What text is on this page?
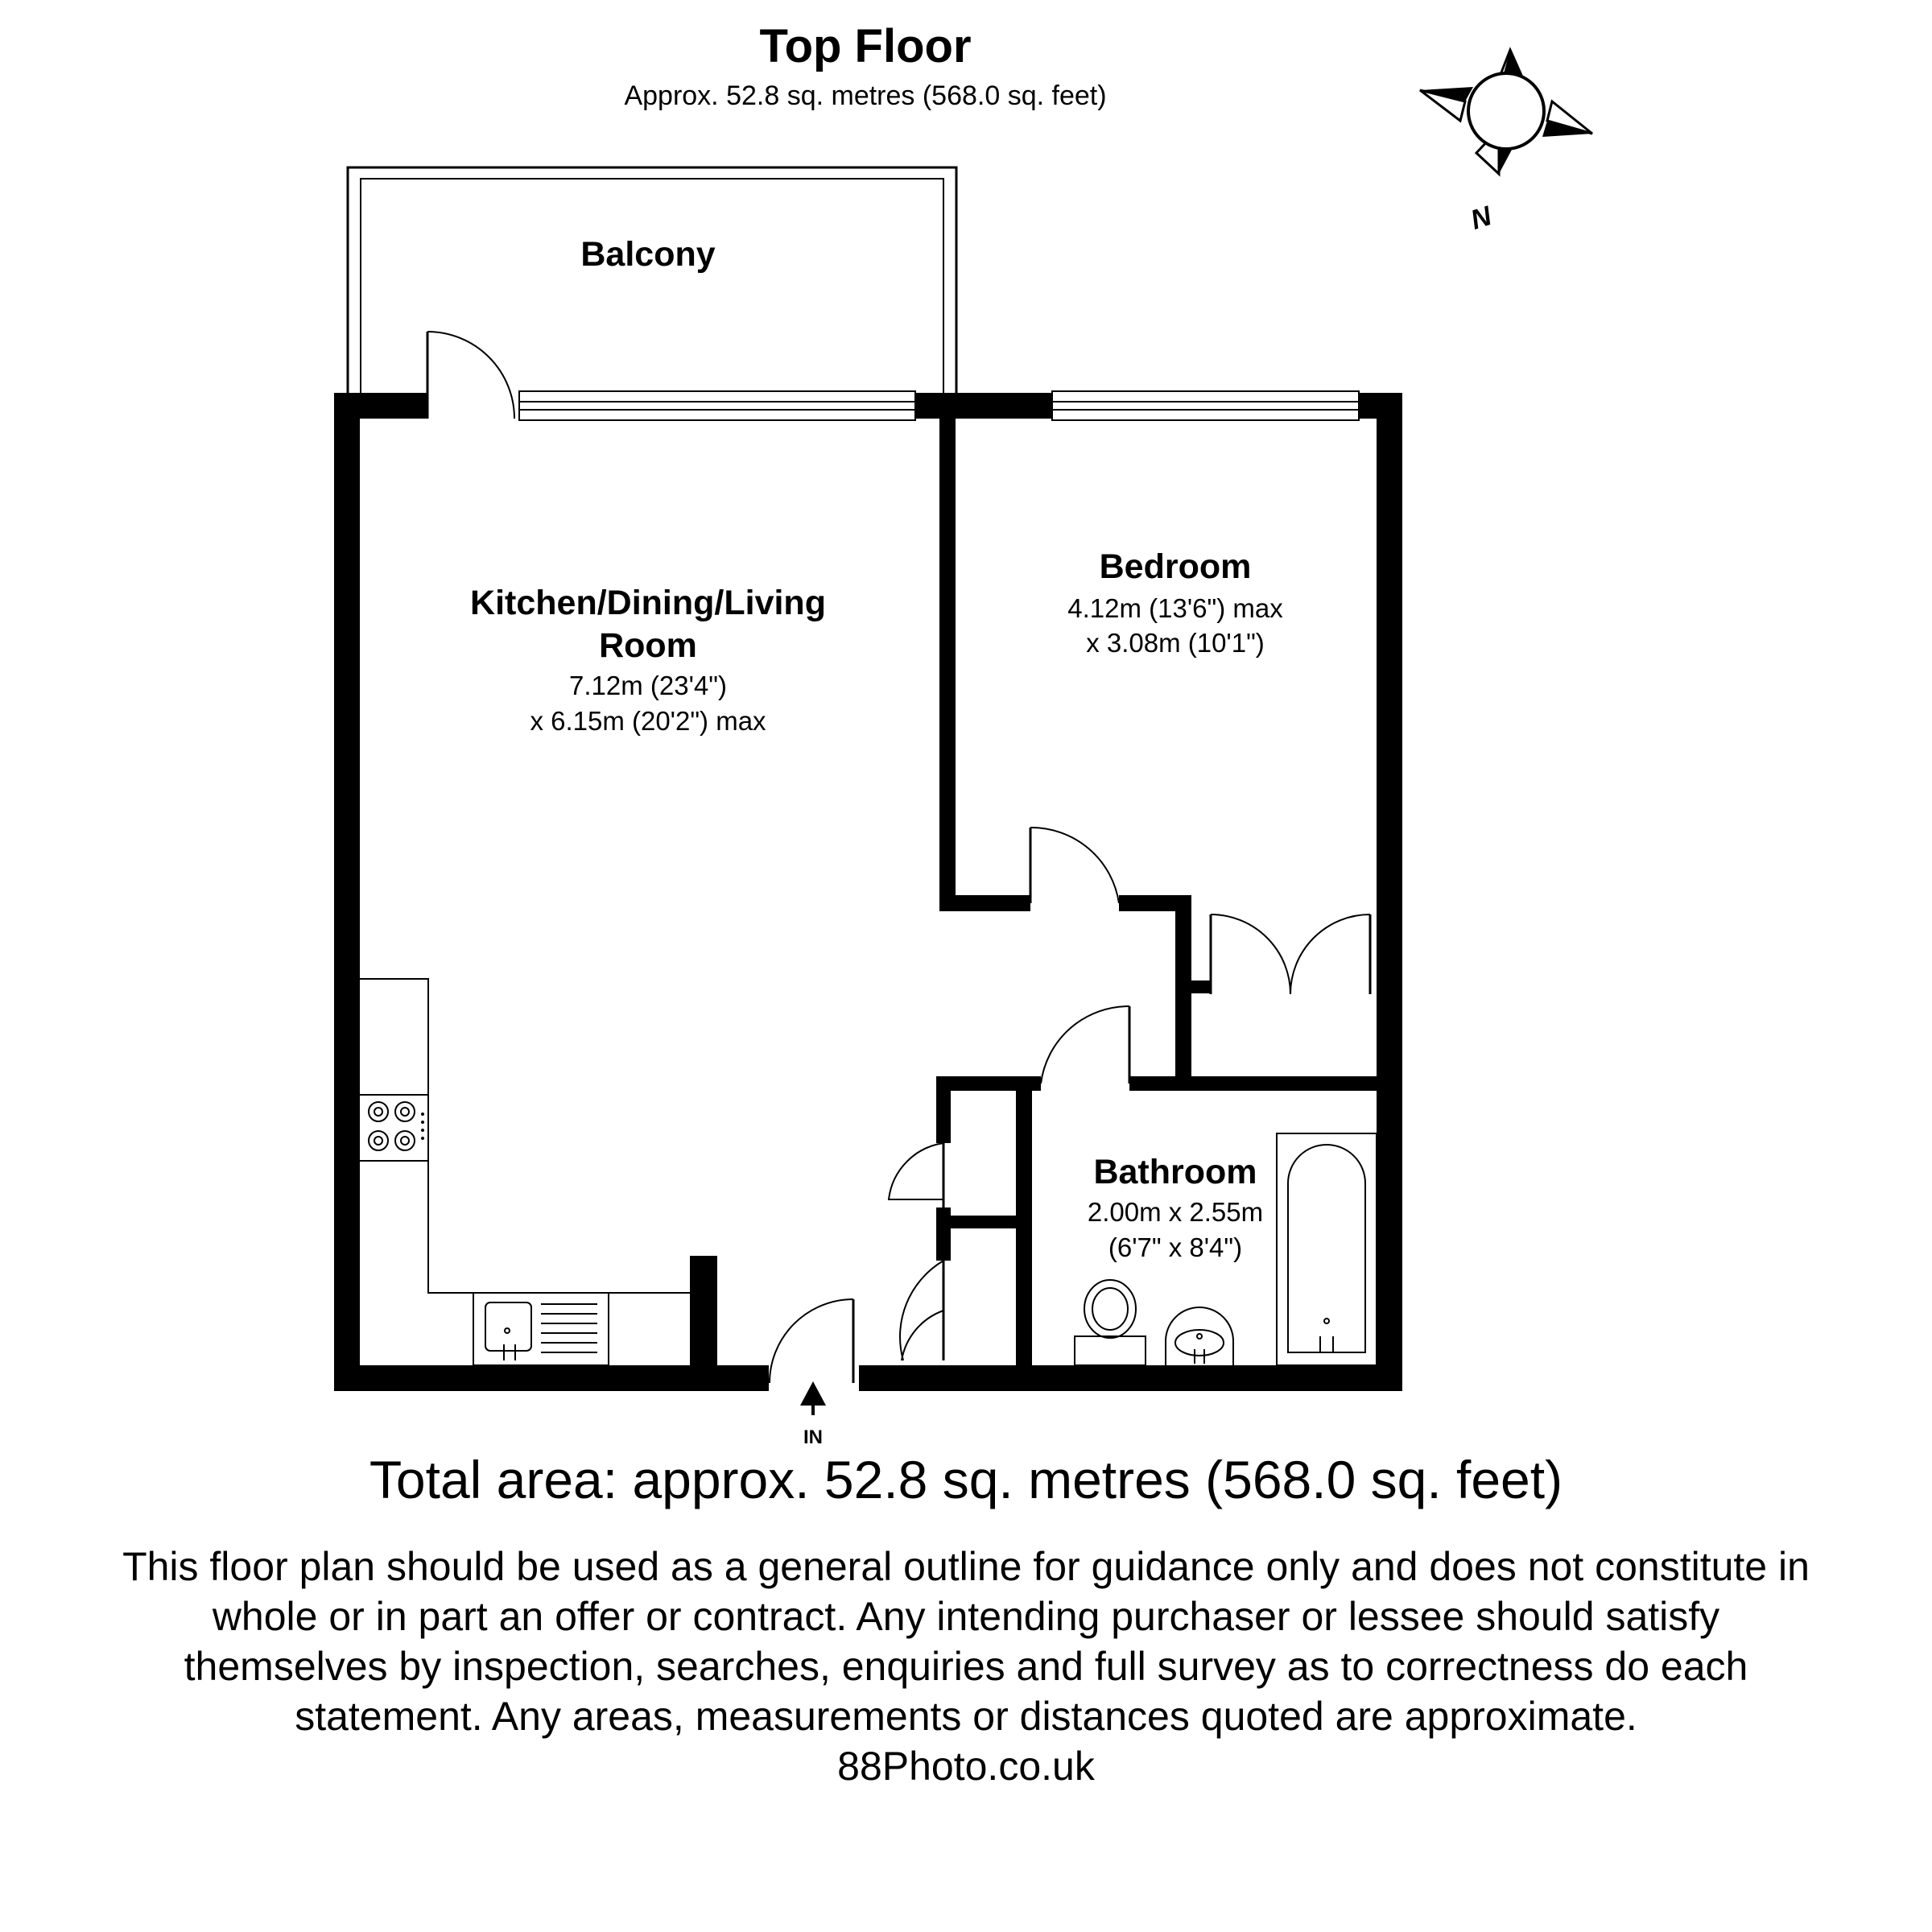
N
Top Floor
Approx. 52.8 sq. metres (568.0 sq. feet)
Balcony
Kitchen/Dining/Living
Room
7.12m (23'4")
x 6.15m (20'2") max
Bedroom
4.12m (13'6") max
x 3.08m (10'1")
Bathroom
2.00m x 2.55m
(6'7" x 8'4")
IN
Total area: approx. 52.8 sq. metres (568.0 sq. feet)
This floor plan should be used as a general outline for guidance only and does not constitute in
whole or in part an offer or contract. Any intending purchaser or lessee should satisfy
themselves by inspection, searches, enquiries and full survey as to correctness do each
statement. Any areas, measurements or distances quoted are approximate.
88Photo.co.uk
